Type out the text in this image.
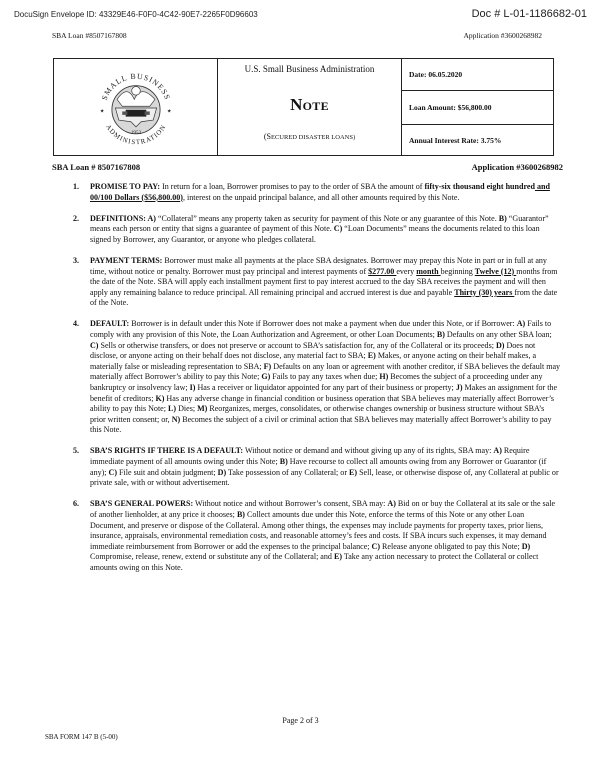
DocuSign Envelope ID: 43329E46-F0F0-4C42-90E7-2265F0D96603	Doc # L-01-1186682-01
SBA Loan #8507167808	Application #3600268982
SMALL BUSINESS
ADMINISTRATION
1953
★	★
U.S. Small Business Administration
NOTE
(SECURED DISASTER LOANS)
Date: 06.05.2020
Loan Amount: $56,800.00
Annual Interest Rate: 3.75%
SBA Loan # 8507167808	Application #3600268982
1. PROMISE TO PAY: In return for a loan, Borrower promises to pay to the order of SBA the amount of fifty-six thousand eight hundred and 00/100 Dollars ($56,800.00), interest on the unpaid principal balance, and all other amounts required by this Note.
2. DEFINITIONS: A) “Collateral” means any property taken as security for payment of this Note or any guarantee of this Note. B) “Guarantor” means each person or entity that signs a guarantee of payment of this Note. C) “Loan Documents” means the documents related to this loan signed by Borrower, any Guarantor, or anyone who pledges collateral.
3. PAYMENT TERMS: Borrower must make all payments at the place SBA designates. Borrower may prepay this Note in part or in full at any time, without notice or penalty. Borrower must pay principal and interest payments of $277.00 every month beginning Twelve (12) months from the date of the Note. SBA will apply each installment payment first to pay interest accrued to the day SBA receives the payment and will then apply any remaining balance to reduce principal. All remaining principal and accrued interest is due and payable Thirty (30) years from the date of the Note.
4. DEFAULT: Borrower is in default under this Note if Borrower does not make a payment when due under this Note, or if Borrower: A) Fails to comply with any provision of this Note, the Loan Authorization and Agreement, or other Loan Documents; B) Defaults on any other SBA loan; C) Sells or otherwise transfers, or does not preserve or account to SBA’s satisfaction for, any of the Collateral or its proceeds; D) Does not disclose, or anyone acting on their behalf does not disclose, any material fact to SBA; E) Makes, or anyone acting on their behalf makes, a materially false or misleading representation to SBA; F) Defaults on any loan or agreement with another creditor, if SBA believes the default may materially affect Borrower’s ability to pay this Note; G) Fails to pay any taxes when due; H) Becomes the subject of a proceeding under any bankruptcy or insolvency law; I) Has a receiver or liquidator appointed for any part of their business or property; J) Makes an assignment for the benefit of creditors; K) Has any adverse change in financial condition or business operation that SBA believes may materially affect Borrower’s ability to pay this Note; L) Dies; M) Reorganizes, merges, consolidates, or otherwise changes ownership or business structure without SBA’s prior written consent; or, N) Becomes the subject of a civil or criminal action that SBA believes may materially affect Borrower’s ability to pay this Note.
5. SBA’S RIGHTS IF THERE IS A DEFAULT: Without notice or demand and without giving up any of its rights, SBA may: A) Require immediate payment of all amounts owing under this Note; B) Have recourse to collect all amounts owing from any Borrower or Guarantor (if any); C) File suit and obtain judgment; D) Take possession of any Collateral; or E) Sell, lease, or otherwise dispose of, any Collateral at public or private sale, with or without advertisement.
6. SBA’S GENERAL POWERS: Without notice and without Borrower’s consent, SBA may: A) Bid on or buy the Collateral at its sale or the sale of another lienholder, at any price it chooses; B) Collect amounts due under this Note, enforce the terms of this Note or any other Loan Document, and preserve or dispose of the Collateral. Among other things, the expenses may include payments for property taxes, prior liens, insurance, appraisals, environmental remediation costs, and reasonable attorney’s fees and costs. If SBA incurs such expenses, it may demand immediate reimbursement from Borrower or add the expenses to the principal balance; C) Release anyone obligated to pay this Note; D) Compromise, release, renew, extend or substitute any of the Collateral; and E) Take any action necessary to protect the Collateral or collect amounts owing on this Note.
Page 2 of 3
SBA FORM 147 B (5-00)
